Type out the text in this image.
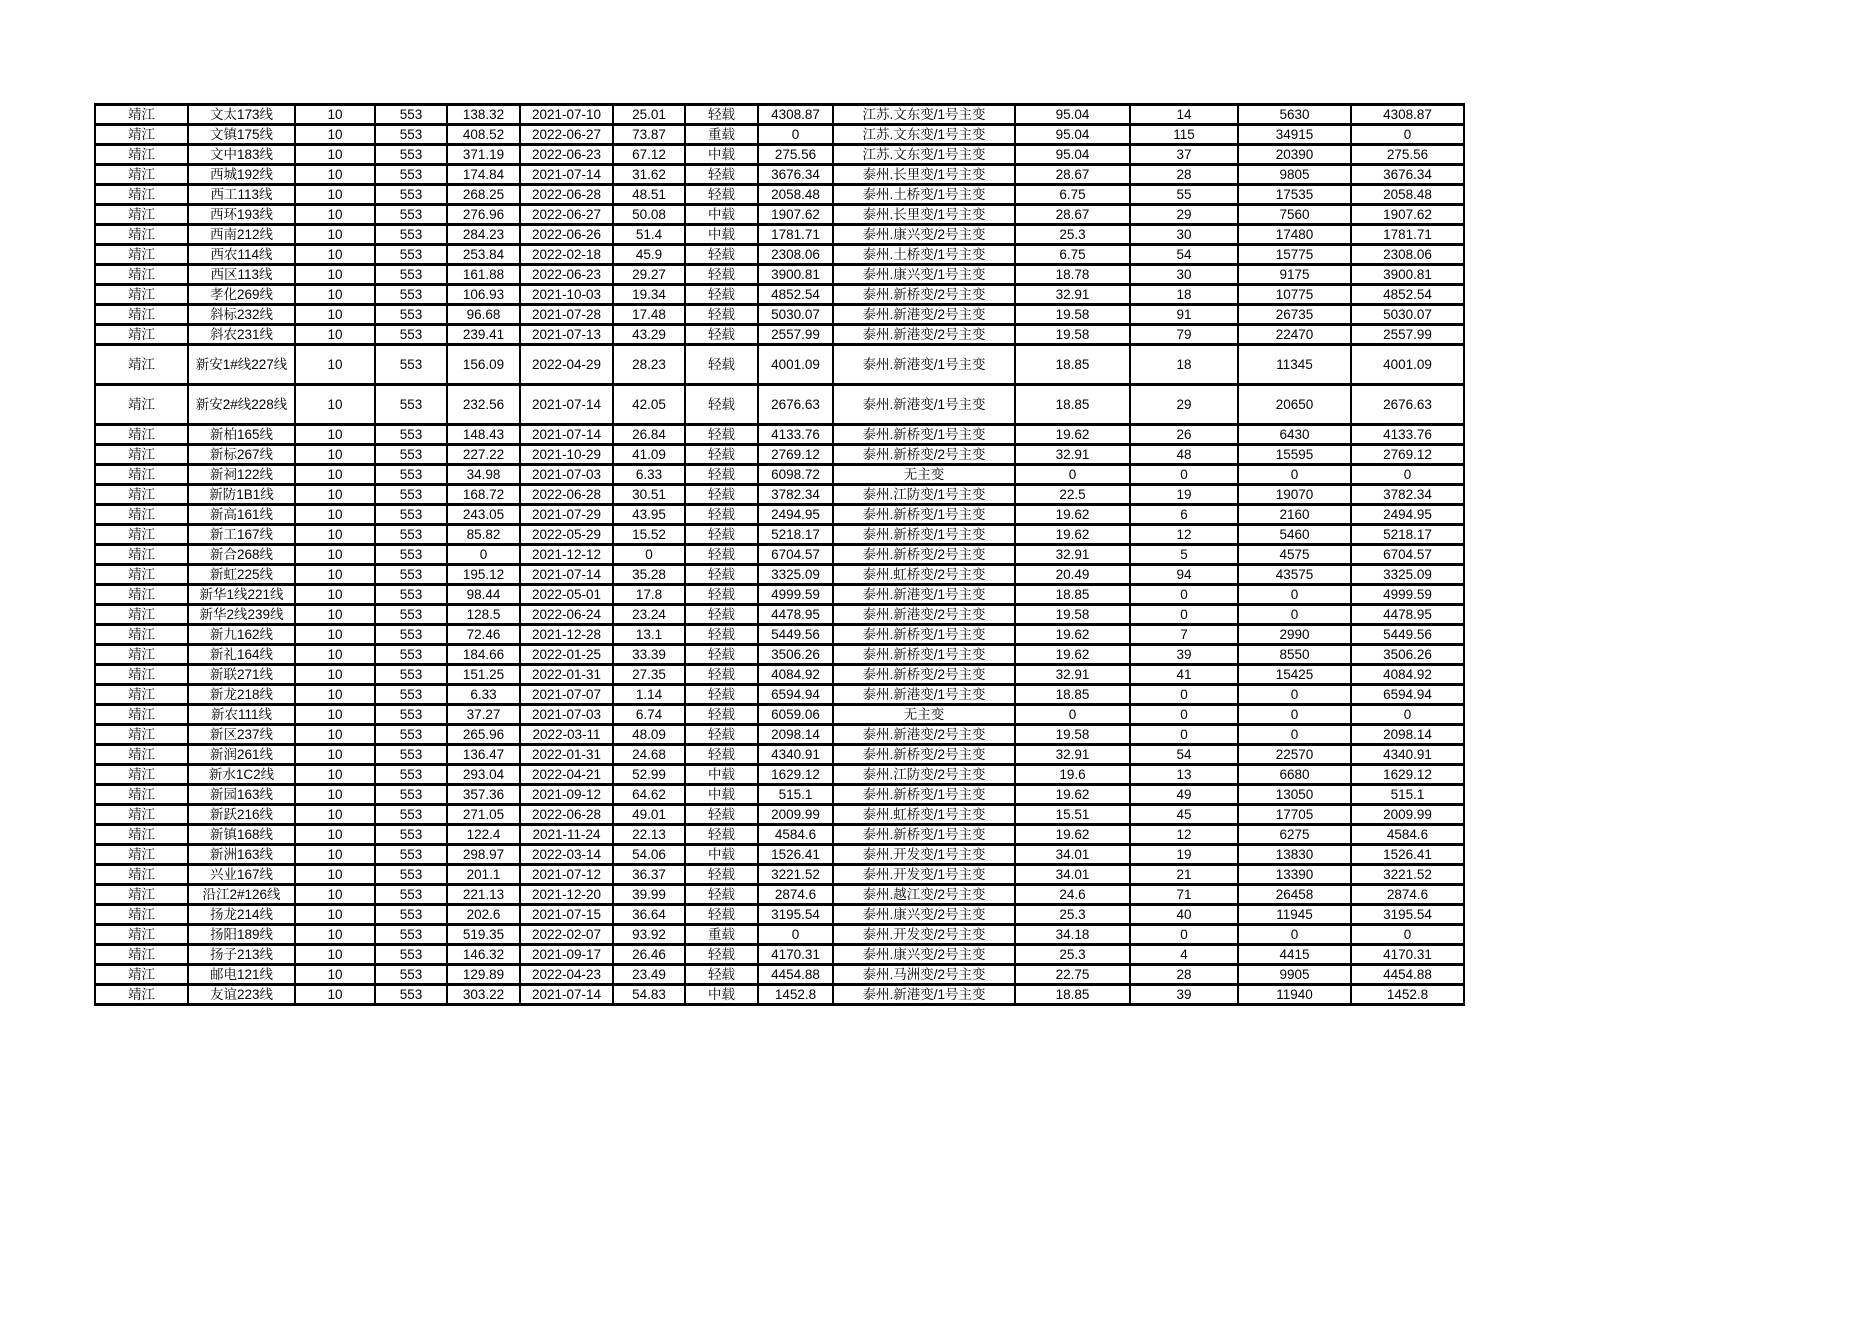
靖江	文太173线	10	553	138.32	2021-07-10	25.01	轻载	4308.87	江苏.文东变/1号主变	95.04	14	5630	4308.87
靖江	文镇175线	10	553	408.52	2022-06-27	73.87	重载	0	江苏.文东变/1号主变	95.04	115	34915	0
靖江	文中183线	10	553	371.19	2022-06-23	67.12	中载	275.56	江苏.文东变/1号主变	95.04	37	20390	275.56
靖江	西城192线	10	553	174.84	2021-07-14	31.62	轻载	3676.34	泰州.长里变/1号主变	28.67	28	9805	3676.34
靖江	西工113线	10	553	268.25	2022-06-28	48.51	轻载	2058.48	泰州.土桥变/1号主变	6.75	55	17535	2058.48
靖江	西环193线	10	553	276.96	2022-06-27	50.08	中载	1907.62	泰州.长里变/1号主变	28.67	29	7560	1907.62
靖江	西南212线	10	553	284.23	2022-06-26	51.4	中载	1781.71	泰州.康兴变/2号主变	25.3	30	17480	1781.71
靖江	西农114线	10	553	253.84	2022-02-18	45.9	轻载	2308.06	泰州.土桥变/1号主变	6.75	54	15775	2308.06
靖江	西区113线	10	553	161.88	2022-06-23	29.27	轻载	3900.81	泰州.康兴变/1号主变	18.78	30	9175	3900.81
靖江	孝化269线	10	553	106.93	2021-10-03	19.34	轻载	4852.54	泰州.新桥变/2号主变	32.91	18	10775	4852.54
靖江	斜标232线	10	553	96.68	2021-07-28	17.48	轻载	5030.07	泰州.新港变/2号主变	19.58	91	26735	5030.07
靖江	斜农231线	10	553	239.41	2021-07-13	43.29	轻载	2557.99	泰州.新港变/2号主变	19.58	79	22470	2557.99
靖江	新安1#线227线	10	553	156.09	2022-04-29	28.23	轻载	4001.09	泰州.新港变/1号主变	18.85	18	11345	4001.09
靖江	新安2#线228线	10	553	232.56	2021-07-14	42.05	轻载	2676.63	泰州.新港变/1号主变	18.85	29	20650	2676.63
靖江	新柏165线	10	553	148.43	2021-07-14	26.84	轻载	4133.76	泰州.新桥变/1号主变	19.62	26	6430	4133.76
靖江	新标267线	10	553	227.22	2021-10-29	41.09	轻载	2769.12	泰州.新桥变/2号主变	32.91	48	15595	2769.12
靖江	新祠122线	10	553	34.98	2021-07-03	6.33	轻载	6098.72	无主变	0	0	0	0
靖江	新防1B1线	10	553	168.72	2022-06-28	30.51	轻载	3782.34	泰州.江防变/1号主变	22.5	19	19070	3782.34
靖江	新高161线	10	553	243.05	2021-07-29	43.95	轻载	2494.95	泰州.新桥变/1号主变	19.62	6	2160	2494.95
靖江	新工167线	10	553	85.82	2022-05-29	15.52	轻载	5218.17	泰州.新桥变/1号主变	19.62	12	5460	5218.17
靖江	新合268线	10	553	0	2021-12-12	0	轻载	6704.57	泰州.新桥变/2号主变	32.91	5	4575	6704.57
靖江	新虹225线	10	553	195.12	2021-07-14	35.28	轻载	3325.09	泰州.虹桥变/2号主变	20.49	94	43575	3325.09
靖江	新华1线221线	10	553	98.44	2022-05-01	17.8	轻载	4999.59	泰州.新港变/1号主变	18.85	0	0	4999.59
靖江	新华2线239线	10	553	128.5	2022-06-24	23.24	轻载	4478.95	泰州.新港变/2号主变	19.58	0	0	4478.95
靖江	新九162线	10	553	72.46	2021-12-28	13.1	轻载	5449.56	泰州.新桥变/1号主变	19.62	7	2990	5449.56
靖江	新礼164线	10	553	184.66	2022-01-25	33.39	轻载	3506.26	泰州.新桥变/1号主变	19.62	39	8550	3506.26
靖江	新联271线	10	553	151.25	2022-01-31	27.35	轻载	4084.92	泰州.新桥变/2号主变	32.91	41	15425	4084.92
靖江	新龙218线	10	553	6.33	2021-07-07	1.14	轻载	6594.94	泰州.新港变/1号主变	18.85	0	0	6594.94
靖江	新农111线	10	553	37.27	2021-07-03	6.74	轻载	6059.06	无主变	0	0	0	0
靖江	新区237线	10	553	265.96	2022-03-11	48.09	轻载	2098.14	泰州.新港变/2号主变	19.58	0	0	2098.14
靖江	新润261线	10	553	136.47	2022-01-31	24.68	轻载	4340.91	泰州.新桥变/2号主变	32.91	54	22570	4340.91
靖江	新水1C2线	10	553	293.04	2022-04-21	52.99	中载	1629.12	泰州.江防变/2号主变	19.6	13	6680	1629.12
靖江	新园163线	10	553	357.36	2021-09-12	64.62	中载	515.1	泰州.新桥变/1号主变	19.62	49	13050	515.1
靖江	新跃216线	10	553	271.05	2022-06-28	49.01	轻载	2009.99	泰州.虹桥变/1号主变	15.51	45	17705	2009.99
靖江	新镇168线	10	553	122.4	2021-11-24	22.13	轻载	4584.6	泰州.新桥变/1号主变	19.62	12	6275	4584.6
靖江	新洲163线	10	553	298.97	2022-03-14	54.06	中载	1526.41	泰州.开发变/1号主变	34.01	19	13830	1526.41
靖江	兴业167线	10	553	201.1	2021-07-12	36.37	轻载	3221.52	泰州.开发变/1号主变	34.01	21	13390	3221.52
靖江	沿江2#126线	10	553	221.13	2021-12-20	39.99	轻载	2874.6	泰州.越江变/2号主变	24.6	71	26458	2874.6
靖江	扬龙214线	10	553	202.6	2021-07-15	36.64	轻载	3195.54	泰州.康兴变/2号主变	25.3	40	11945	3195.54
靖江	扬阳189线	10	553	519.35	2022-02-07	93.92	重载	0	泰州.开发变/2号主变	34.18	0	0	0
靖江	扬子213线	10	553	146.32	2021-09-17	26.46	轻载	4170.31	泰州.康兴变/2号主变	25.3	4	4415	4170.31
靖江	邮电121线	10	553	129.89	2022-04-23	23.49	轻载	4454.88	泰州.马洲变/2号主变	22.75	28	9905	4454.88
靖江	友谊223线	10	553	303.22	2021-07-14	54.83	中载	1452.8	泰州.新港变/1号主变	18.85	39	11940	1452.8
